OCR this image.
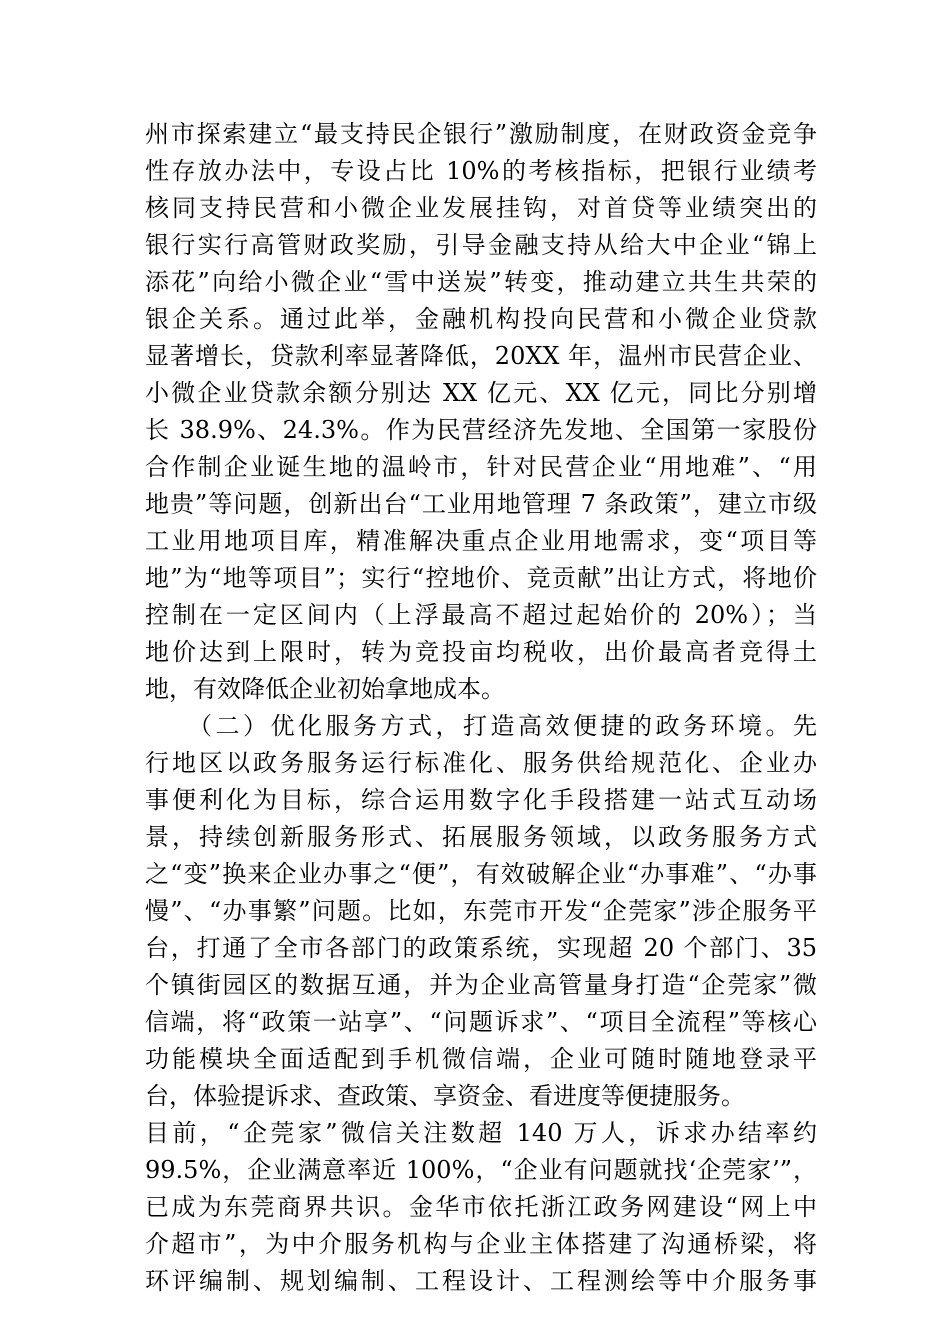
州市探索建立“最支持民企银行”激励制度，在财政资金竞争
性存放办法中，专设占比 10%的考核指标，把银行业绩考
核同支持民营和小微企业发展挂钩，对首贷等业绩突出的
银行实行高管财政奖励，引导金融支持从给大中企业“锦上
添花”向给小微企业“雪中送炭”转变，推动建立共生共荣的
银企关系。通过此举，金融机构投向民营和小微企业贷款
显著增长，贷款利率显著降低，20XX 年，温州市民营企业、
小微企业贷款余额分别达 XX 亿元、XX 亿元，同比分别增
长 38.9%、24.3%。作为民营经济先发地、全国第一家股份
合作制企业诞生地的温岭市，针对民营企业“用地难”、“用
地贵”等问题，创新出台“工业用地管理 7 条政策”，建立市级
工业用地项目库，精准解决重点企业用地需求，变“项目等
地”为“地等项目”；实行“控地价、竞贡献”出让方式，将地价
控制在一定区间内（上浮最高不超过起始价的 20%）；当
地价达到上限时，转为竞投亩均税收，出价最高者竞得土
地，有效降低企业初始拿地成本。
　　（二）优化服务方式，打造高效便捷的政务环境。先
行地区以政务服务运行标准化、服务供给规范化、企业办
事便利化为目标，综合运用数字化手段搭建一站式互动场
景，持续创新服务形式、拓展服务领域，以政务服务方式
之“变”换来企业办事之“便”，有效破解企业“办事难”、“办事
慢”、“办事繁”问题。比如，东莞市开发“企莞家”涉企服务平
台，打通了全市各部门的政策系统，实现超 20 个部门、35
个镇街园区的数据互通，并为企业高管量身打造“企莞家”微
信端，将“政策一站享”、“问题诉求”、“项目全流程”等核心
功能模块全面适配到手机微信端，企业可随时随地登录平
台，体验提诉求、查政策、享资金、看进度等便捷服务。
目前，“企莞家”微信关注数超 140 万人，诉求办结率约
99.5%，企业满意率近 100%，“企业有问题就找‘企莞家’”，
已成为东莞商界共识。金华市依托浙江政务网建设“网上中
介超市”，为中介服务机构与企业主体搭建了沟通桥梁，将
环评编制、规划编制、工程设计、工程测绘等中介服务事
